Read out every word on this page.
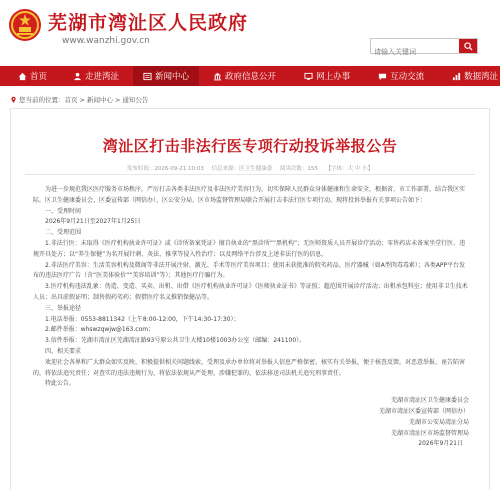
芜湖市湾沚区人民政府
www.wanzhi.gov.cn
请输入关键词
首页	走进湾沚	新闻中心	政府信息公开	网上办事	互动交流	数据湾沚
您当前的位置： 首页 > 新闻中心 > 通知公告
湾沚区打击非法行医专项行动投诉举报公告
发布时间：2026-09-21 10:03 信息来源：区卫生健康委 阅读次数：155 【字体：大 中 小】

为进一步规范我区医疗服务市场秩序，严厉打击各类非法医疗及非法医疗美容行为，切实保障人民群众身体健康和生命安全，根据省、市工作部署，结合我区实际，区卫生健康委员会、区委宣传部（网信办）、区公安分局、区市场监督管理局联合开展打击非法行医专项行动。现将投诉举报有关事项公告如下：

一、受理时间

2026年9月21日至2027年1月25日

二、受理范围

1.非法行医：未取得《医疗机构执业许可证》或《诊所备案凭证》擅自执业的“黑诊所”“黑机构”；无医师资质人员开展诊疗活动；零售药店未备案坐堂行医、违规开具处方；以“养生保健”为名开展针刺、灸法、推拿等侵入性治疗；以及网络平台涉及上述非法行医的信息。

2.非法医疗美容：生活美容机构及微商等非法开展注射、激光、手术等医疗美容项目；使用未获批准的假劣药品、医疗器械（如A型肉毒毒素）；各类APP平台发布的违法医疗广告（含“医美体验价”“美容培训”等）；其他医疗行骗行为。

3.医疗机构违法乱象：伪造、变造、买卖、出租、出借《医疗机构执业许可证》《医师执业证书》等证照；超范围开展诊疗活动；出租承包科室；使用非卫生技术人员；出具虚假证明；制售假药劣药；假借医疗名义推销保健品等。

三、举报途径

1.电话举报：0553-8811342（上午8:00-12:00，下午14:30-17:30）；

2.邮件举报：whswzqwjw@163.com；

3.信件举报：芜湖市湾沚区芜湖湾沚路93号原公共卫生大楼10楼1003办公室（邮编：241100）。

四、相关要求

欢迎社会各界和广大群众如实反映、积极提供相关问题线索，受理及承办单位将对举报人信息严格保密。核实有关举报，便于核查反馈，对恶意举报、诬告陷害的，将依法追究责任；对查实的违法违规行为，将依法依规从严处理，涉嫌犯罪的，依法移送司法机关追究刑事责任。

特此公告。

芜湖市湾沚区卫生健康委员会

芜湖市湾沚区委宣传部（网信办）

芜湖市公安局湾沚分局

芜湖市湾沚区市场监督管理局

2026年9月21日
